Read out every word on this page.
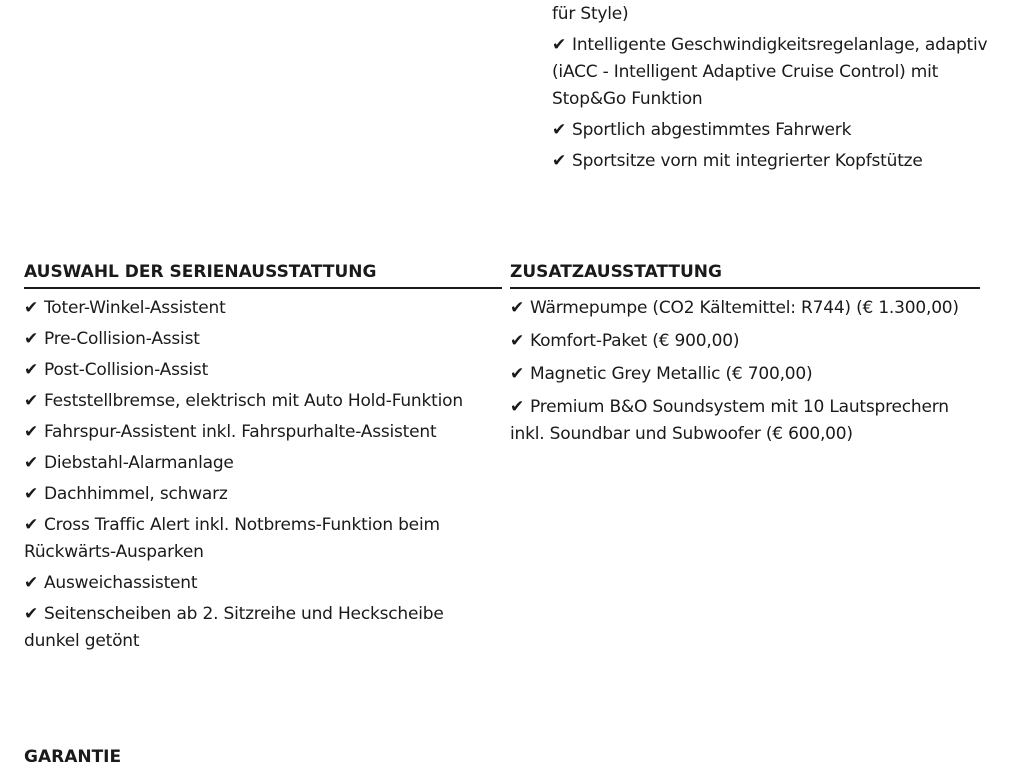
für Style)
✔ Intelligente Geschwindigkeitsregelanlage, adaptiv (iACC - Intelligent Adaptive Cruise Control) mit Stop&Go Funktion
✔ Sportlich abgestimmtes Fahrwerk
✔ Sportsitze vorn mit integrierter Kopfstütze
AUSWAHL DER SERIENAUSSTATTUNG
✔ Toter-Winkel-Assistent
✔ Pre-Collision-Assist
✔ Post-Collision-Assist
✔ Feststellbremse, elektrisch mit Auto Hold-Funktion
✔ Fahrspur-Assistent inkl. Fahrspurhalte-Assistent
✔ Diebstahl-Alarmanlage
✔ Dachhimmel, schwarz
✔ Cross Traffic Alert inkl. Notbrems-Funktion beim Rückwärts-Ausparken
✔ Ausweichassistent
✔ Seitenscheiben ab 2. Sitzreihe und Heckscheibe dunkel getönt
ZUSATZAUSSTATTUNG
✔ Wärmepumpe (CO2 Kältemittel: R744) (€ 1.300,00)
✔ Komfort-Paket (€ 900,00)
✔ Magnetic Grey Metallic (€ 700,00)
✔ Premium B&O Soundsystem mit 10 Lautsprechern inkl. Soundbar und Subwoofer (€ 600,00)
GARANTIE
